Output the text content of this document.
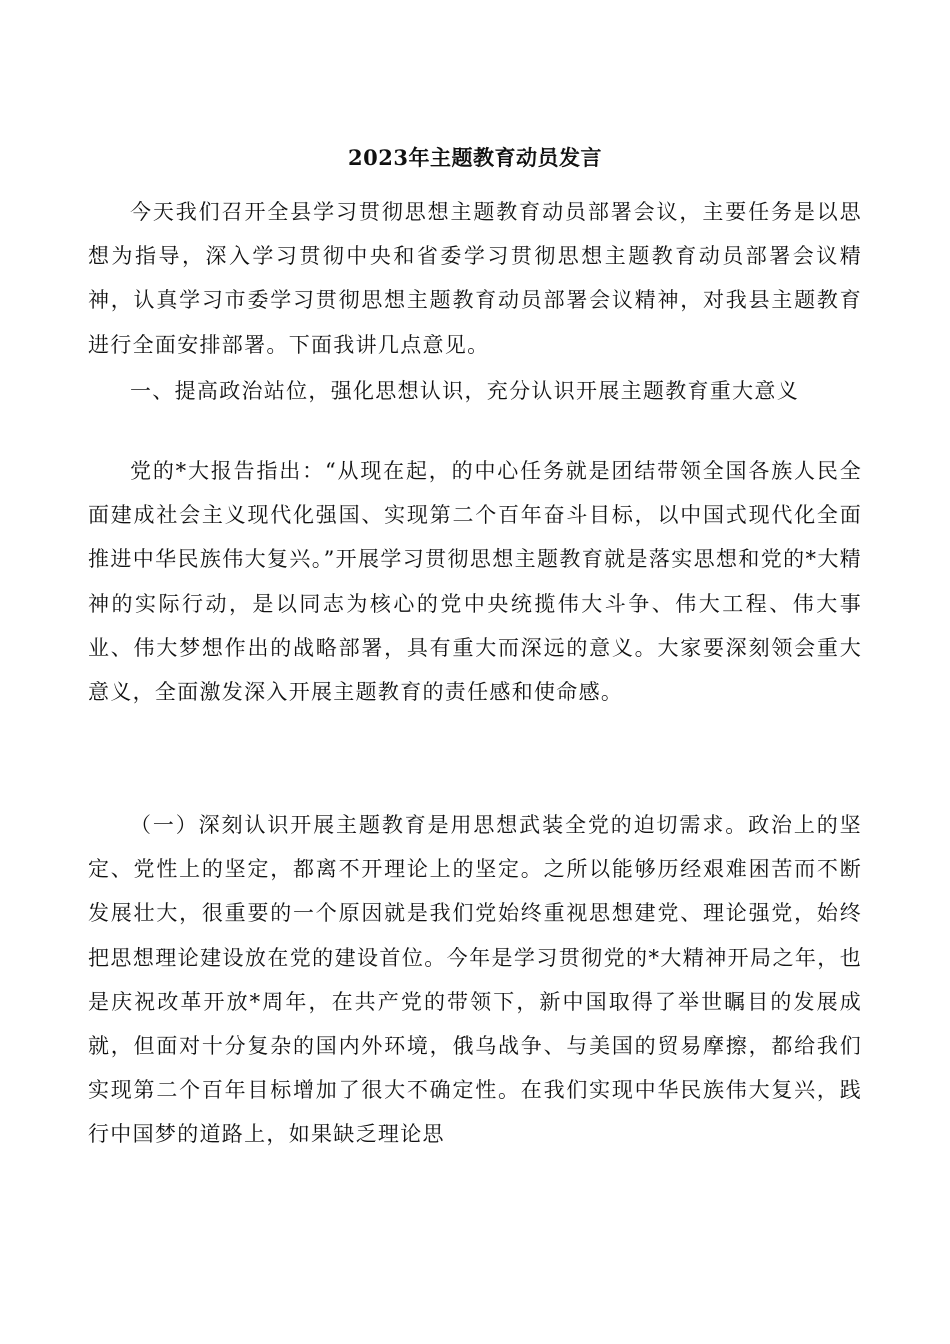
2023年主题教育动员发言

今天我们召开全县学习贯彻思想主题教育动员部署会议，主要任务是以思想为指导，深入学习贯彻中央和省委学习贯彻思想主题教育动员部署会议精神，认真学习市委学习贯彻思想主题教育动员部署会议精神，对我县主题教育进行全面安排部署。下面我讲几点意见。

一、提高政治站位，强化思想认识，充分认识开展主题教育重大意义

党的*大报告指出：“从现在起，的中心任务就是团结带领全国各族人民全面建成社会主义现代化强国、实现第二个百年奋斗目标，以中国式现代化全面推进中华民族伟大复兴。”开展学习贯彻思想主题教育就是落实思想和党的*大精神的实际行动，是以同志为核心的党中央统揽伟大斗争、伟大工程、伟大事业、伟大梦想作出的战略部署，具有重大而深远的意义。大家要深刻领会重大意义，全面激发深入开展主题教育的责任感和使命感。

（一）深刻认识开展主题教育是用思想武装全党的迫切需求。政治上的坚定、党性上的坚定，都离不开理论上的坚定。之所以能够历经艰难困苦而不断发展壮大，很重要的一个原因就是我们党始终重视思想建党、理论强党，始终把思想理论建设放在党的建设首位。今年是学习贯彻党的*大精神开局之年，也是庆祝改革开放*周年，在共产党的带领下，新中国取得了举世瞩目的发展成就，但面对十分复杂的国内外环境，俄乌战争、与美国的贸易摩擦，都给我们实现第二个百年目标增加了很大不确定性。在我们实现中华民族伟大复兴，践行中国梦的道路上，如果缺乏理论思
